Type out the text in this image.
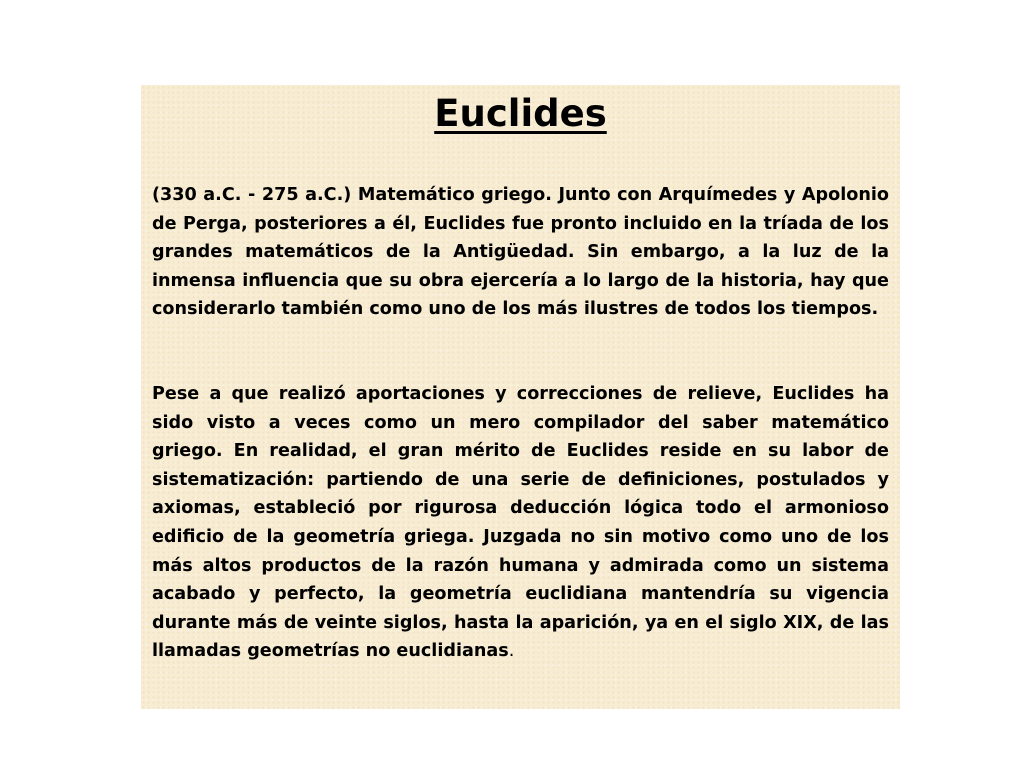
Euclides

(330 a.C. - 275 a.C.) Matemático griego. Junto con Arquímedes y Apolonio de Perga, posteriores a él, Euclides fue pronto incluido en la tríada de los grandes matemáticos de la Antigüedad. Sin embargo, a la luz de la inmensa influencia que su obra ejercería a lo largo de la historia, hay que considerarlo también como uno de los más ilustres de todos los tiempos.

Pese a que realizó aportaciones y correcciones de relieve, Euclides ha sido visto a veces como un mero compilador del saber matemático griego. En realidad, el gran mérito de Euclides reside en su labor de sistematización: partiendo de una serie de definiciones, postulados y axiomas, estableció por rigurosa deducción lógica todo el armonioso edificio de la geometría griega. Juzgada no sin motivo como uno de los más altos productos de la razón humana y admirada como un sistema acabado y perfecto, la geometría euclidiana mantendría su vigencia durante más de veinte siglos, hasta la aparición, ya en el siglo XIX, de las llamadas geometrías no euclidianas.
